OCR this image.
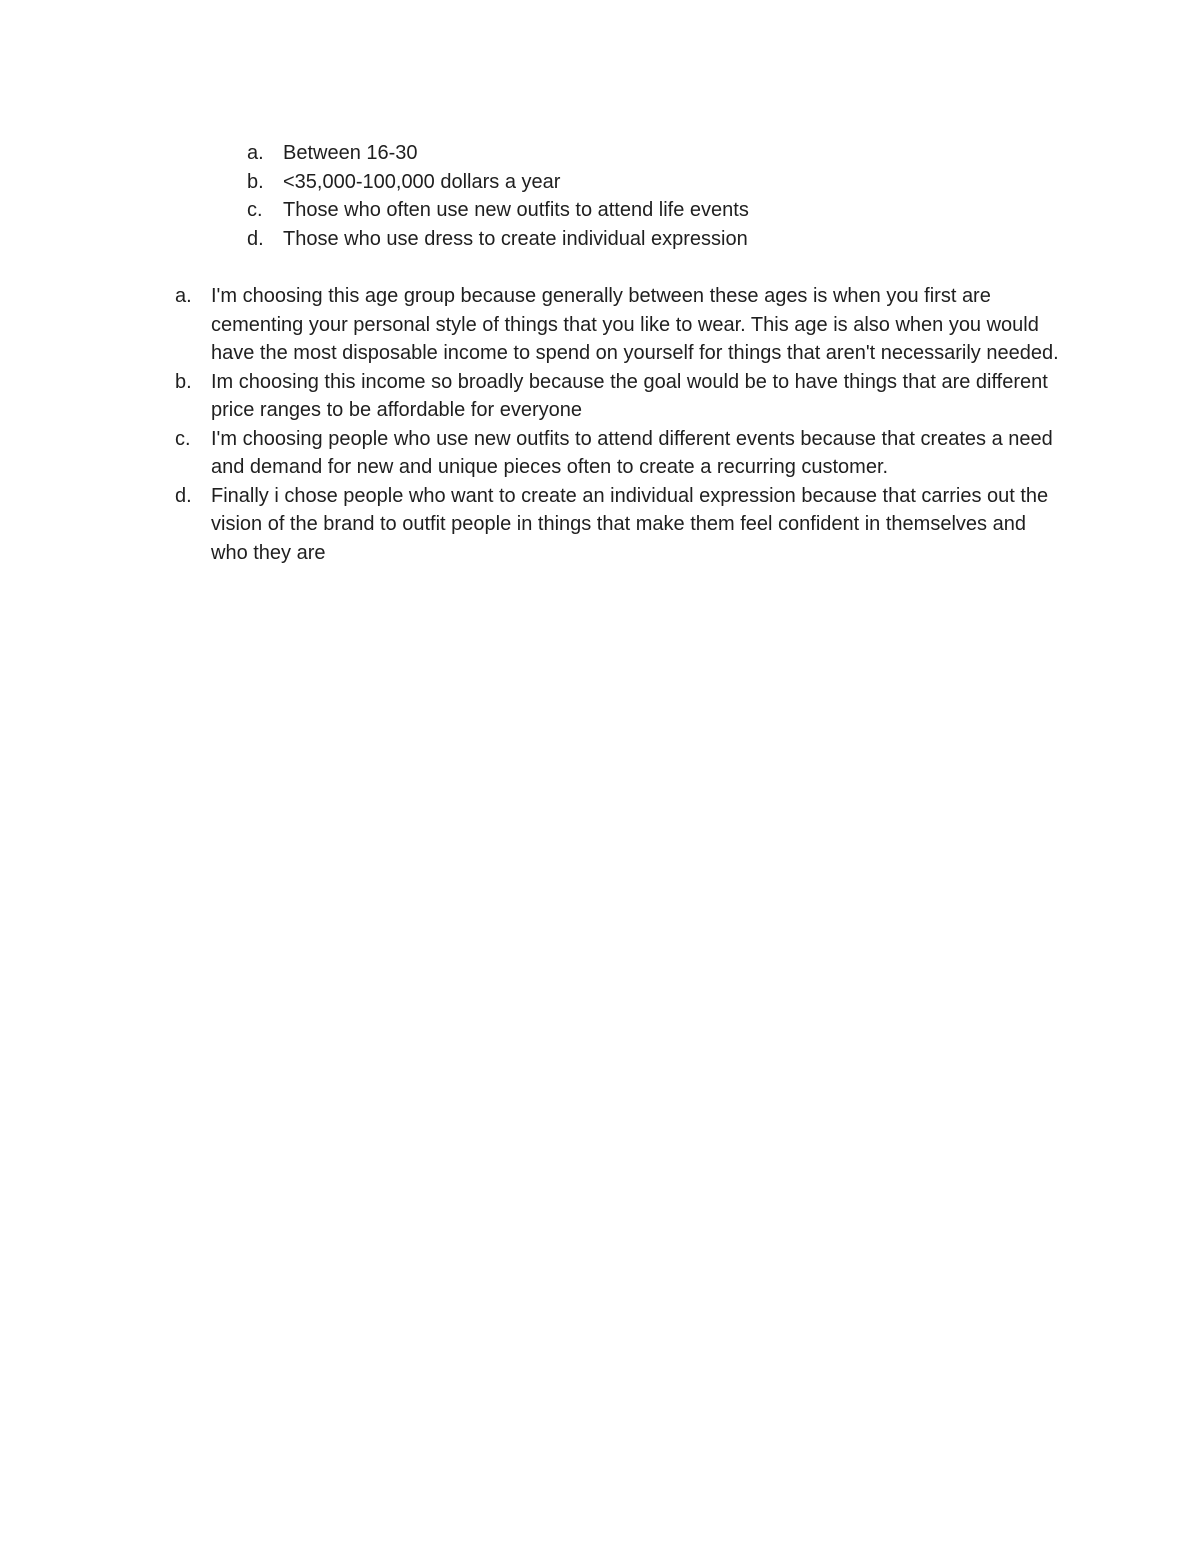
a. Between 16-30
b. <35,000-100,000 dollars a year
c.	Those who often use new outfits to attend life events
d. Those who use dress to create individual expression
a. I'm choosing this age group because generally between these ages is when you first are cementing your personal style of things that you like to wear. This age is also when you would have the most disposable income to spend on yourself for things that aren't necessarily needed.
b. Im choosing this income so broadly because the goal would be to have things that are different price ranges to be affordable for everyone
c.	I'm choosing people who use new outfits to attend different events because that creates a need and demand for new and unique pieces often to create a recurring customer.
d. Finally i chose people who want to create an individual expression because that carries out the vision of the brand to outfit people in things that make them feel confident in themselves and who they are
